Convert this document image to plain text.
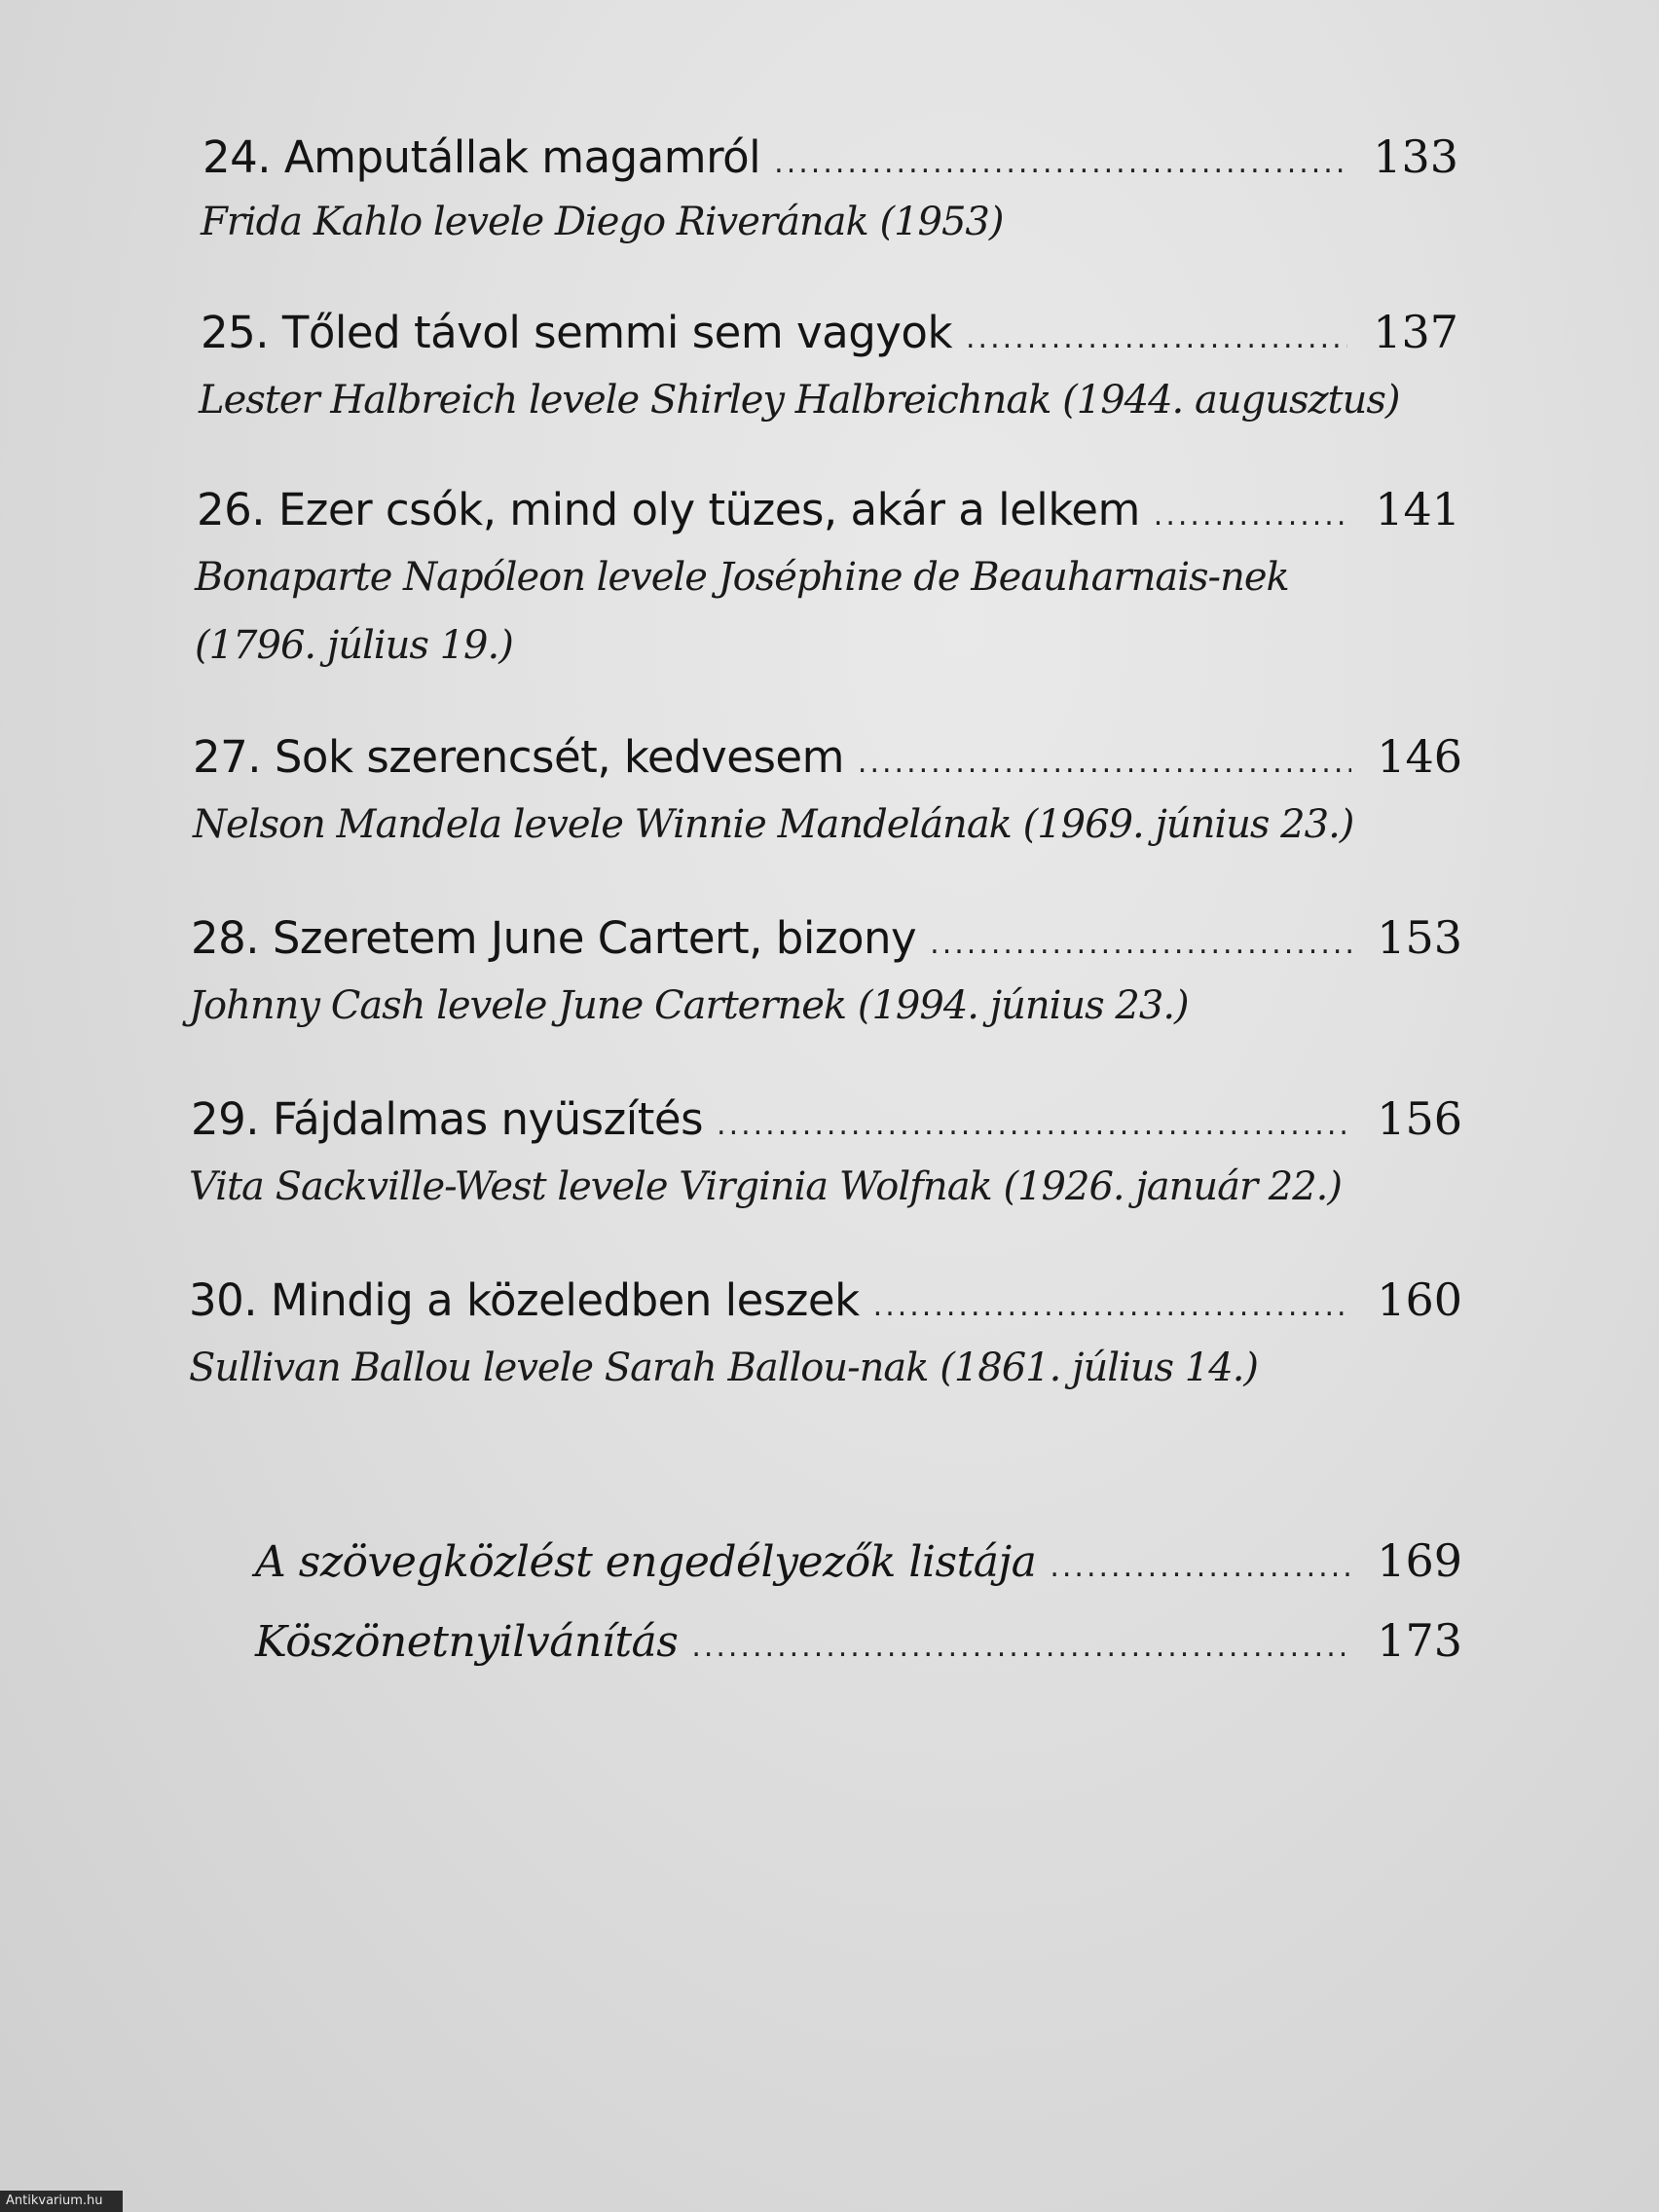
24. Amputállak magamról .....	133
Frida Kahlo levele Diego Riverának (1953)
25. Tőled távol semmi sem vagyok .....	137
Lester Halbreich levele Shirley Halbreichnak (1944. augusztus)
26. Ezer csók, mind oly tüzes, akár a lelkem .....	141
Bonaparte Napóleon levele Joséphine de Beauharnais-nek
(1796. július 19.)
27. Sok szerencsét, kedvesem .....	146
Nelson Mandela levele Winnie Mandelának (1969. június 23.)
28. Szeretem June Cartert, bizony .....	153
Johnny Cash levele June Carternek (1994. június 23.)
29. Fájdalmas nyüszítés .....	156
Vita Sackville-West levele Virginia Wolfnak (1926. január 22.)
30. Mindig a közeledben leszek .....	160
Sullivan Ballou levele Sarah Ballou-nak (1861. július 14.)
A szövegközlést engedélyezők listája .....	169
Köszönetnyilvánítás .....	173
Antikvarium.hu
